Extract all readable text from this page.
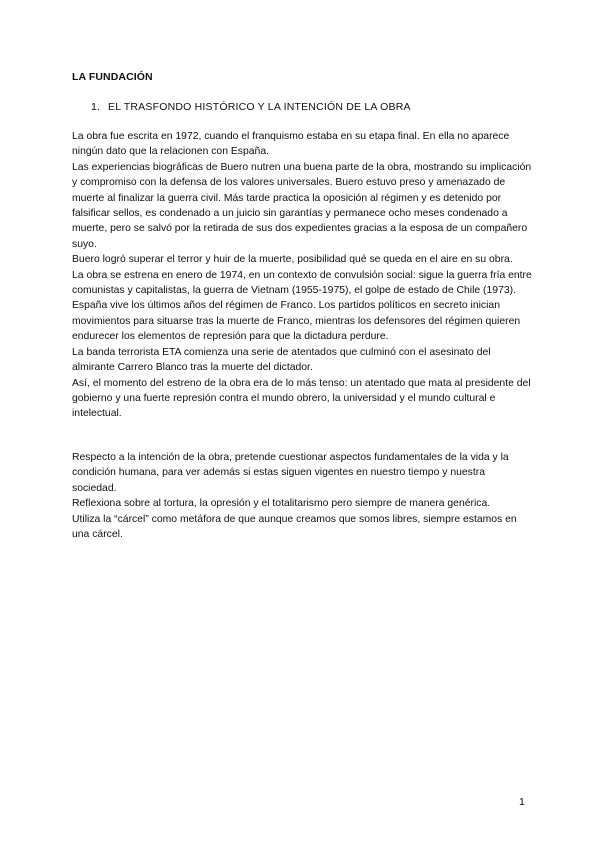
LA FUNDACIÓN
1. EL TRASFONDO HISTÓRICO Y LA INTENCIÓN DE LA OBRA

La obra fue escrita en 1972, cuando el franquismo estaba en su etapa final. En ella no aparece ningún dato que la relacionen con España.

Las experiencias biográficas de Buero nutren una buena parte de la obra, mostrando su implicación y compromiso con la defensa de los valores universales. Buero estuvo preso y amenazado de muerte al finalizar la guerra civil. Más tarde practica la oposición al régimen y es detenido por falsificar sellos, es condenado a un juicio sin garantías y permanece ocho meses condenado a muerte, pero se salvó por la retirada de sus dos expedientes gracias a la esposa de un compañero suyo.

Buero logró superar el terror y huir de la muerte, posibilidad qué se queda en el aire en su obra.

La obra se estrena en enero de 1974, en un contexto de convulsión social: sigue la guerra fría entre comunistas y capitalistas, la guerra de Vietnam (1955-1975), el golpe de estado de Chile (1973).

España vive los últimos años del régimen de Franco. Los partidos políticos en secreto inician movimientos para situarse tras la muerte de Franco, mientras los defensores del régimen quieren endurecer los elementos de represión para que la dictadura perdure.

La banda terrorista ETA comienza una serie de atentados que culminó con el asesinato del almirante Carrero Blanco tras la muerte del dictador.

Así, el momento del estreno de la obra era de lo más tenso: un atentado que mata al presidente del gobierno y una fuerte represión contra el mundo obrero, la universidad y el mundo cultural e intelectual.

Respecto a la intención de la obra, pretende cuestionar aspectos fundamentales de la vida y la condición humana, para ver además si estas siguen vigentes en nuestro tiempo y nuestra sociedad.

Reflexiona sobre al tortura, la opresión y el totalitarismo pero siempre de manera genérica.

Utiliza la “cárcel” como metáfora de que aunque creamos que somos libres, siempre estamos en una cárcel.

1
